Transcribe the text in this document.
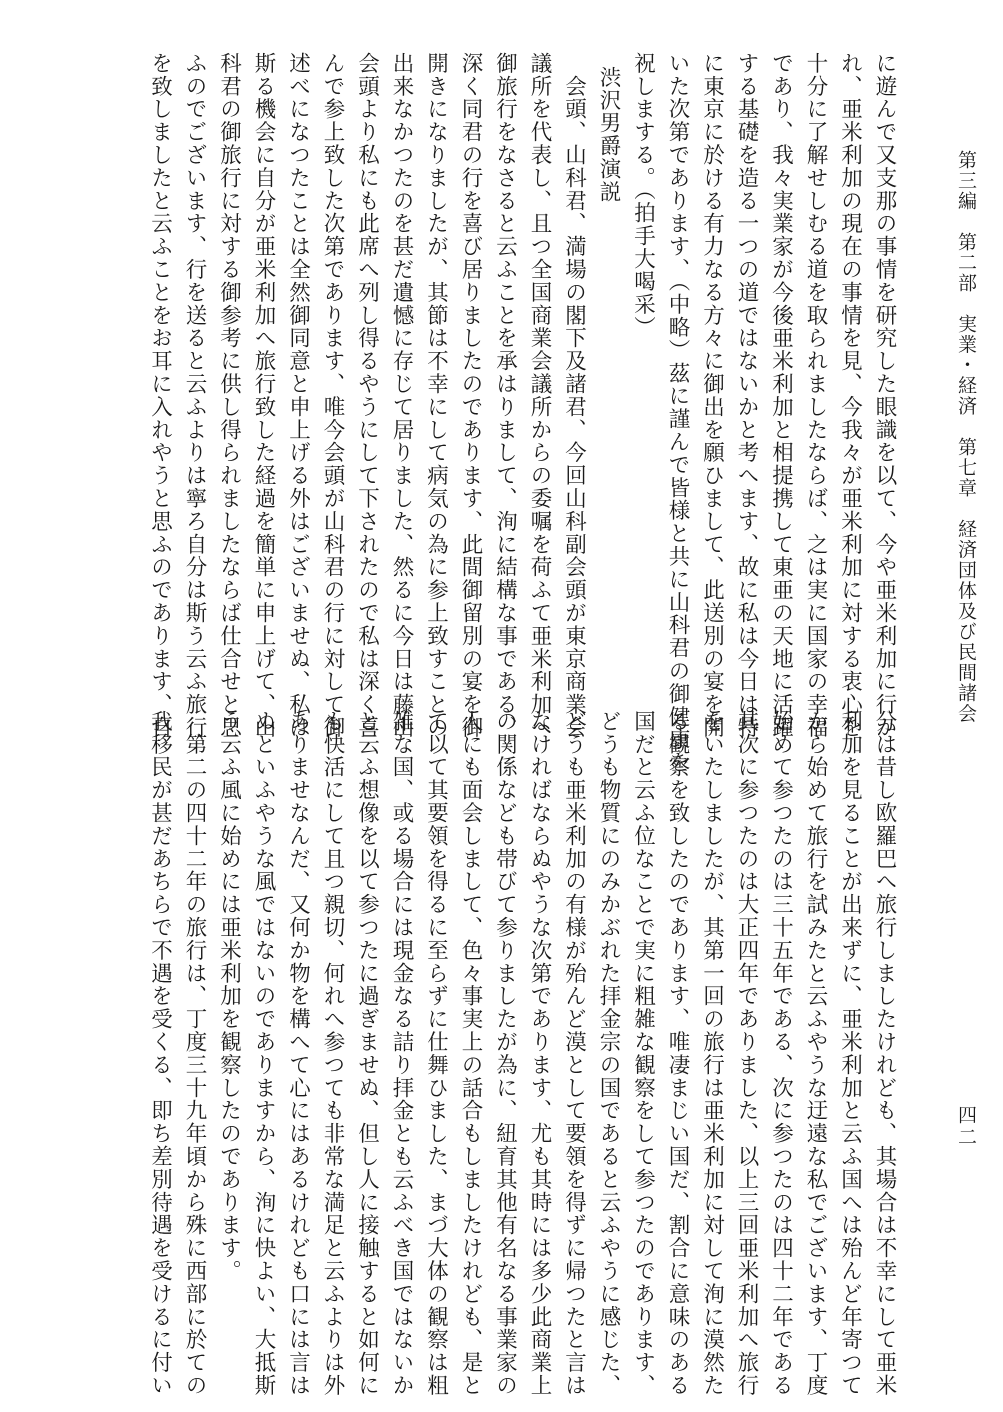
第三編　第二部　実業・経済　第七章　経済団体及び民間諸会
四二
に遊んで又支那の事情を研究した眼識を以て、今や亜米利加に行か
れ、亜米利加の現在の事情を見、今我々が亜米利加に対する衷心を
十分に了解せしむる道を取られましたならば、之は実に国家の幸福
であり、我々実業家が今後亜米利加と相提携して東亜の天地に活躍
する基礎を造る一つの道ではないかと考へます、故に私は今日は特
に東京に於ける有力なる方々に御出を願ひまして、此送別の宴を開
いた次第であります、（中略）茲に謹んで皆様と共に山科君の御健康を
祝しまする。（拍手大喝采）
渋沢男爵演説
　会頭、山科君、満場の閣下及諸君、今回山科副会頭が東京商業会
議所を代表し、且つ全国商業会議所からの委嘱を荷ふて亜米利加へ
御旅行をなさると云ふことを承はりまして、洵に結構な事である、
深く同君の行を喜び居りましたのであります、此間御留別の宴を御
開きになりましたが、其節は不幸にして病気の為に参上致すことの
出来なかつたのを甚だ遺憾に存じて居りました、然るに今日は藤山
会頭より私にも此席へ列し得るやうにして下されたので私は深く喜
んで参上致した次第であります、唯今会頭が山科君の行に対して御
述べになつたことは全然御同意と申上げる外はございませぬ、私は
斯る機会に自分が亜米利加へ旅行致した経過を簡単に申上げて、山
科君の御旅行に対する御参考に供し得られましたならば仕合せと思
ふのでございます、行を送ると云ふよりは寧ろ自分は斯う云ふ旅行
を致しましたと云ふことをお耳に入れやうと思ふのであります、自
分は昔し欧羅巴へ旅行しましたけれども、其場合は不幸にして亜米
利加を見ることが出来ずに、亜米利加と云ふ国へは殆んど年寄つて
から始めて旅行を試みたと云ふやうな迂遠な私でございます、丁度
始めて参つたのは三十五年である、次に参つたのは四十二年である
其次に参つたのは大正四年でありました、以上三回亜米利加へ旅行
をいたしましたが、其第一回の旅行は亜米利加に対して洵に漠然た
る観察を致したのであります、唯凄まじい国だ、割合に意味のある
国だと云ふ位なことで実に粗雑な観察をして参つたのであります、
どうも物質にのみかぶれた拝金宗の国であると云ふやうに感じた、
どうも亜米利加の有様が殆んど漠として要領を得ずに帰つたと言は
なければならぬやうな次第であります、尤も其時には多少此商業上
の関係なども帯びて参りましたが為に、紐育其他有名なる事業家の
人にも面会しまして、色々事実上の話合もしましたけれども、是と
て以て其要領を得るに至らずに仕舞ひました、まづ大体の観察は粗
雑な国、或る場合には現金なる詰り拝金とも云ふべき国ではないか
と云ふ想像を以て参つたに過ぎませぬ、但し人に接触すると如何に
も快活にして且つ親切、何れへ参つても非常な満足と云ふよりは外
ありませなんだ、又何か物を構へて心にはあるけれども口には言は
ぬといふやうな風ではないのでありますから、洵に快よい、大抵斯
う云ふ風に始めには亜米利加を観察したのであります。
　第二の四十二年の旅行は、丁度三十九年頃から殊に西部に於ての
我移民が甚だあちらで不遇を受くる、即ち差別待遇を受けるに付い
